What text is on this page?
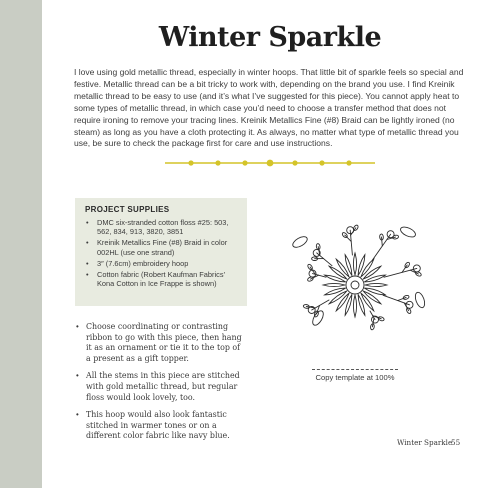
Winter Sparkle

I love using gold metallic thread, especially in winter hoops. That little bit of sparkle feels so special and festive. Metallic thread can be a bit tricky to work with, depending on the brand you use. I find Kreinik metallic thread to be easy to use (and it’s what I’ve suggested for this piece). You cannot apply heat to some types of metallic thread, in which case you’d need to choose a transfer method that does not require ironing to remove your tracing lines. Kreinik Metallics Fine (#8) Braid can be lightly ironed (no steam) as long as you have a cloth protecting it. As always, no matter what type of metallic thread you use, be sure to check the package first for care and use instructions.

PROJECT SUPPLIES
• DMC six-stranded cotton floss #25: 503, 562, 834, 913, 3820, 3851
• Kreinik Metallics Fine (#8) Braid in color 002HL (use one strand)
• 3″ (7.6cm) embroidery hoop
• Cotton fabric (Robert Kaufman Fabrics’ Kona Cotton in Ice Frappe is shown)
• Choose coordinating or contrasting ribbon to go with this piece, then hang it as an ornament or tie it to the top of a present as a gift topper.
• All the stems in this piece are stitched with gold metallic thread, but regular floss would look lovely, too.
• This hoop would also look fantastic stitched in warmer tones or on a different color fabric like navy blue.
Copy template at 100%
Winter Sparkle
55
